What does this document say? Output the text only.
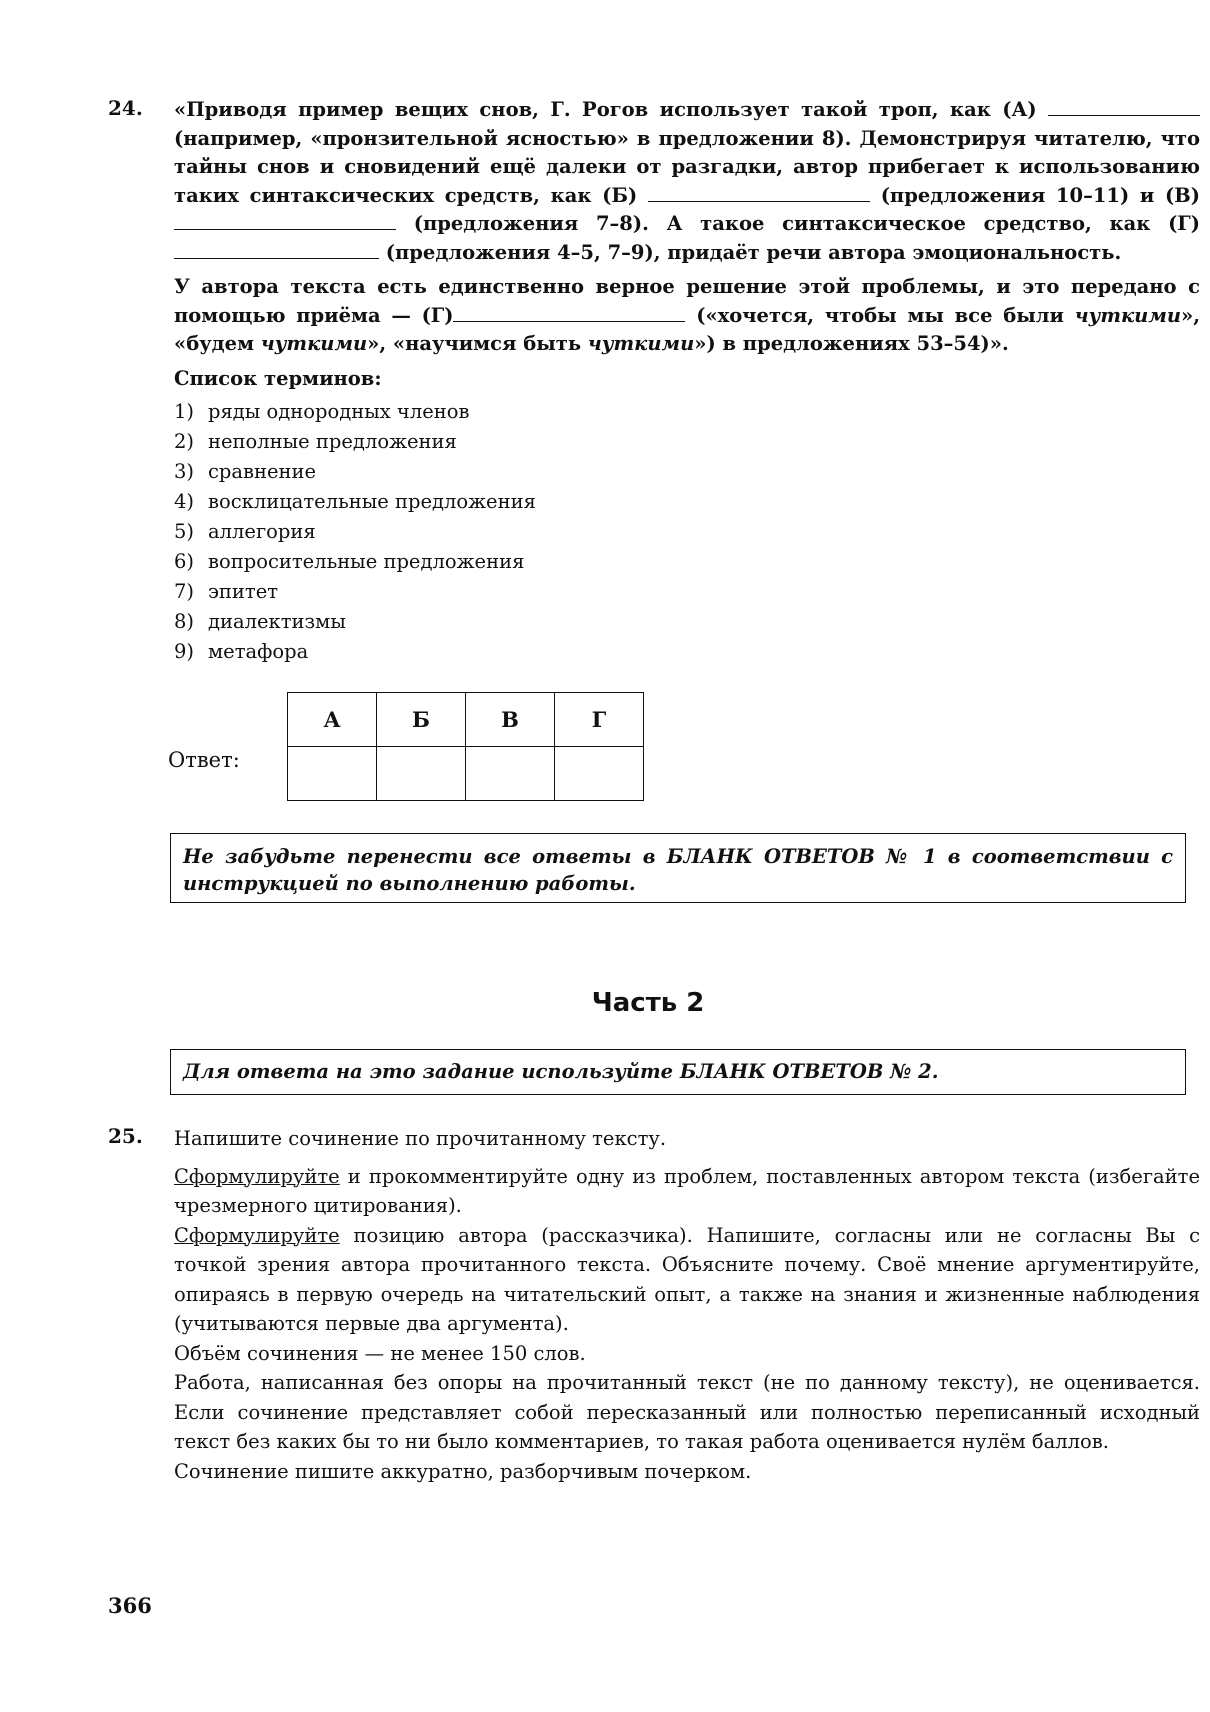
24. «Приводя пример вещих снов, Г. Рогов использует такой троп, как (А)  (например, «пронзительной ясностью» в предложении 8). Демонстрируя читателю, что тайны снов и сновидений ещё далеки от разгадки, автор прибегает к использованию таких синтаксических средств, как (Б)	(предложения 10–11) и (В)  (предложения 7–8). А такое синтаксическое средство, как (Г) (предложения 4–5, 7–9), придаёт речи автора эмоциональность.

У автора текста есть единственно верное решение этой проблемы, и это передано с помощью приёма — (Г)	(«хочется, чтобы мы все были чуткими», «будем чуткими», «научимся быть чуткими») в предложениях 53–54)».

Список терминов:
1) ряды однородных членов
2) неполные предложения
3) сравнение
4) восклицательные предложения
5) аллегория
6) вопросительные предложения
7) эпитет
8) диалектизмы
9) метафора
Ответ:
А	Б	В	Г

Не забудьте перенести все ответы в БЛАНК ОТВЕТОВ № 1 в соответствии с инструкцией по выполнению работы.
Часть 2
Для ответа на это задание используйте БЛАНК ОТВЕТОВ № 2.
25. Напишите сочинение по прочитанному тексту.

Сформулируйте и прокомментируйте одну из проблем, поставленных автором текста (избегайте чрезмерного цитирования).

Сформулируйте позицию автора (рассказчика). Напишите, согласны или не согласны Вы с точкой зрения автора прочитанного текста. Объясните почему. Своё мнение аргументируйте, опираясь в первую очередь на читательский опыт, а также на знания и жизненные наблюдения (учитываются первые два аргумента).

Объём сочинения — не менее 150 слов.

Работа, написанная без опоры на прочитанный текст (не по данному тексту), не оценивается. Если сочинение представляет собой пересказанный или полностью переписанный исходный текст без каких бы то ни было комментариев, то такая работа оценивается нулём баллов.

Сочинение пишите аккуратно, разборчивым почерком.

366
